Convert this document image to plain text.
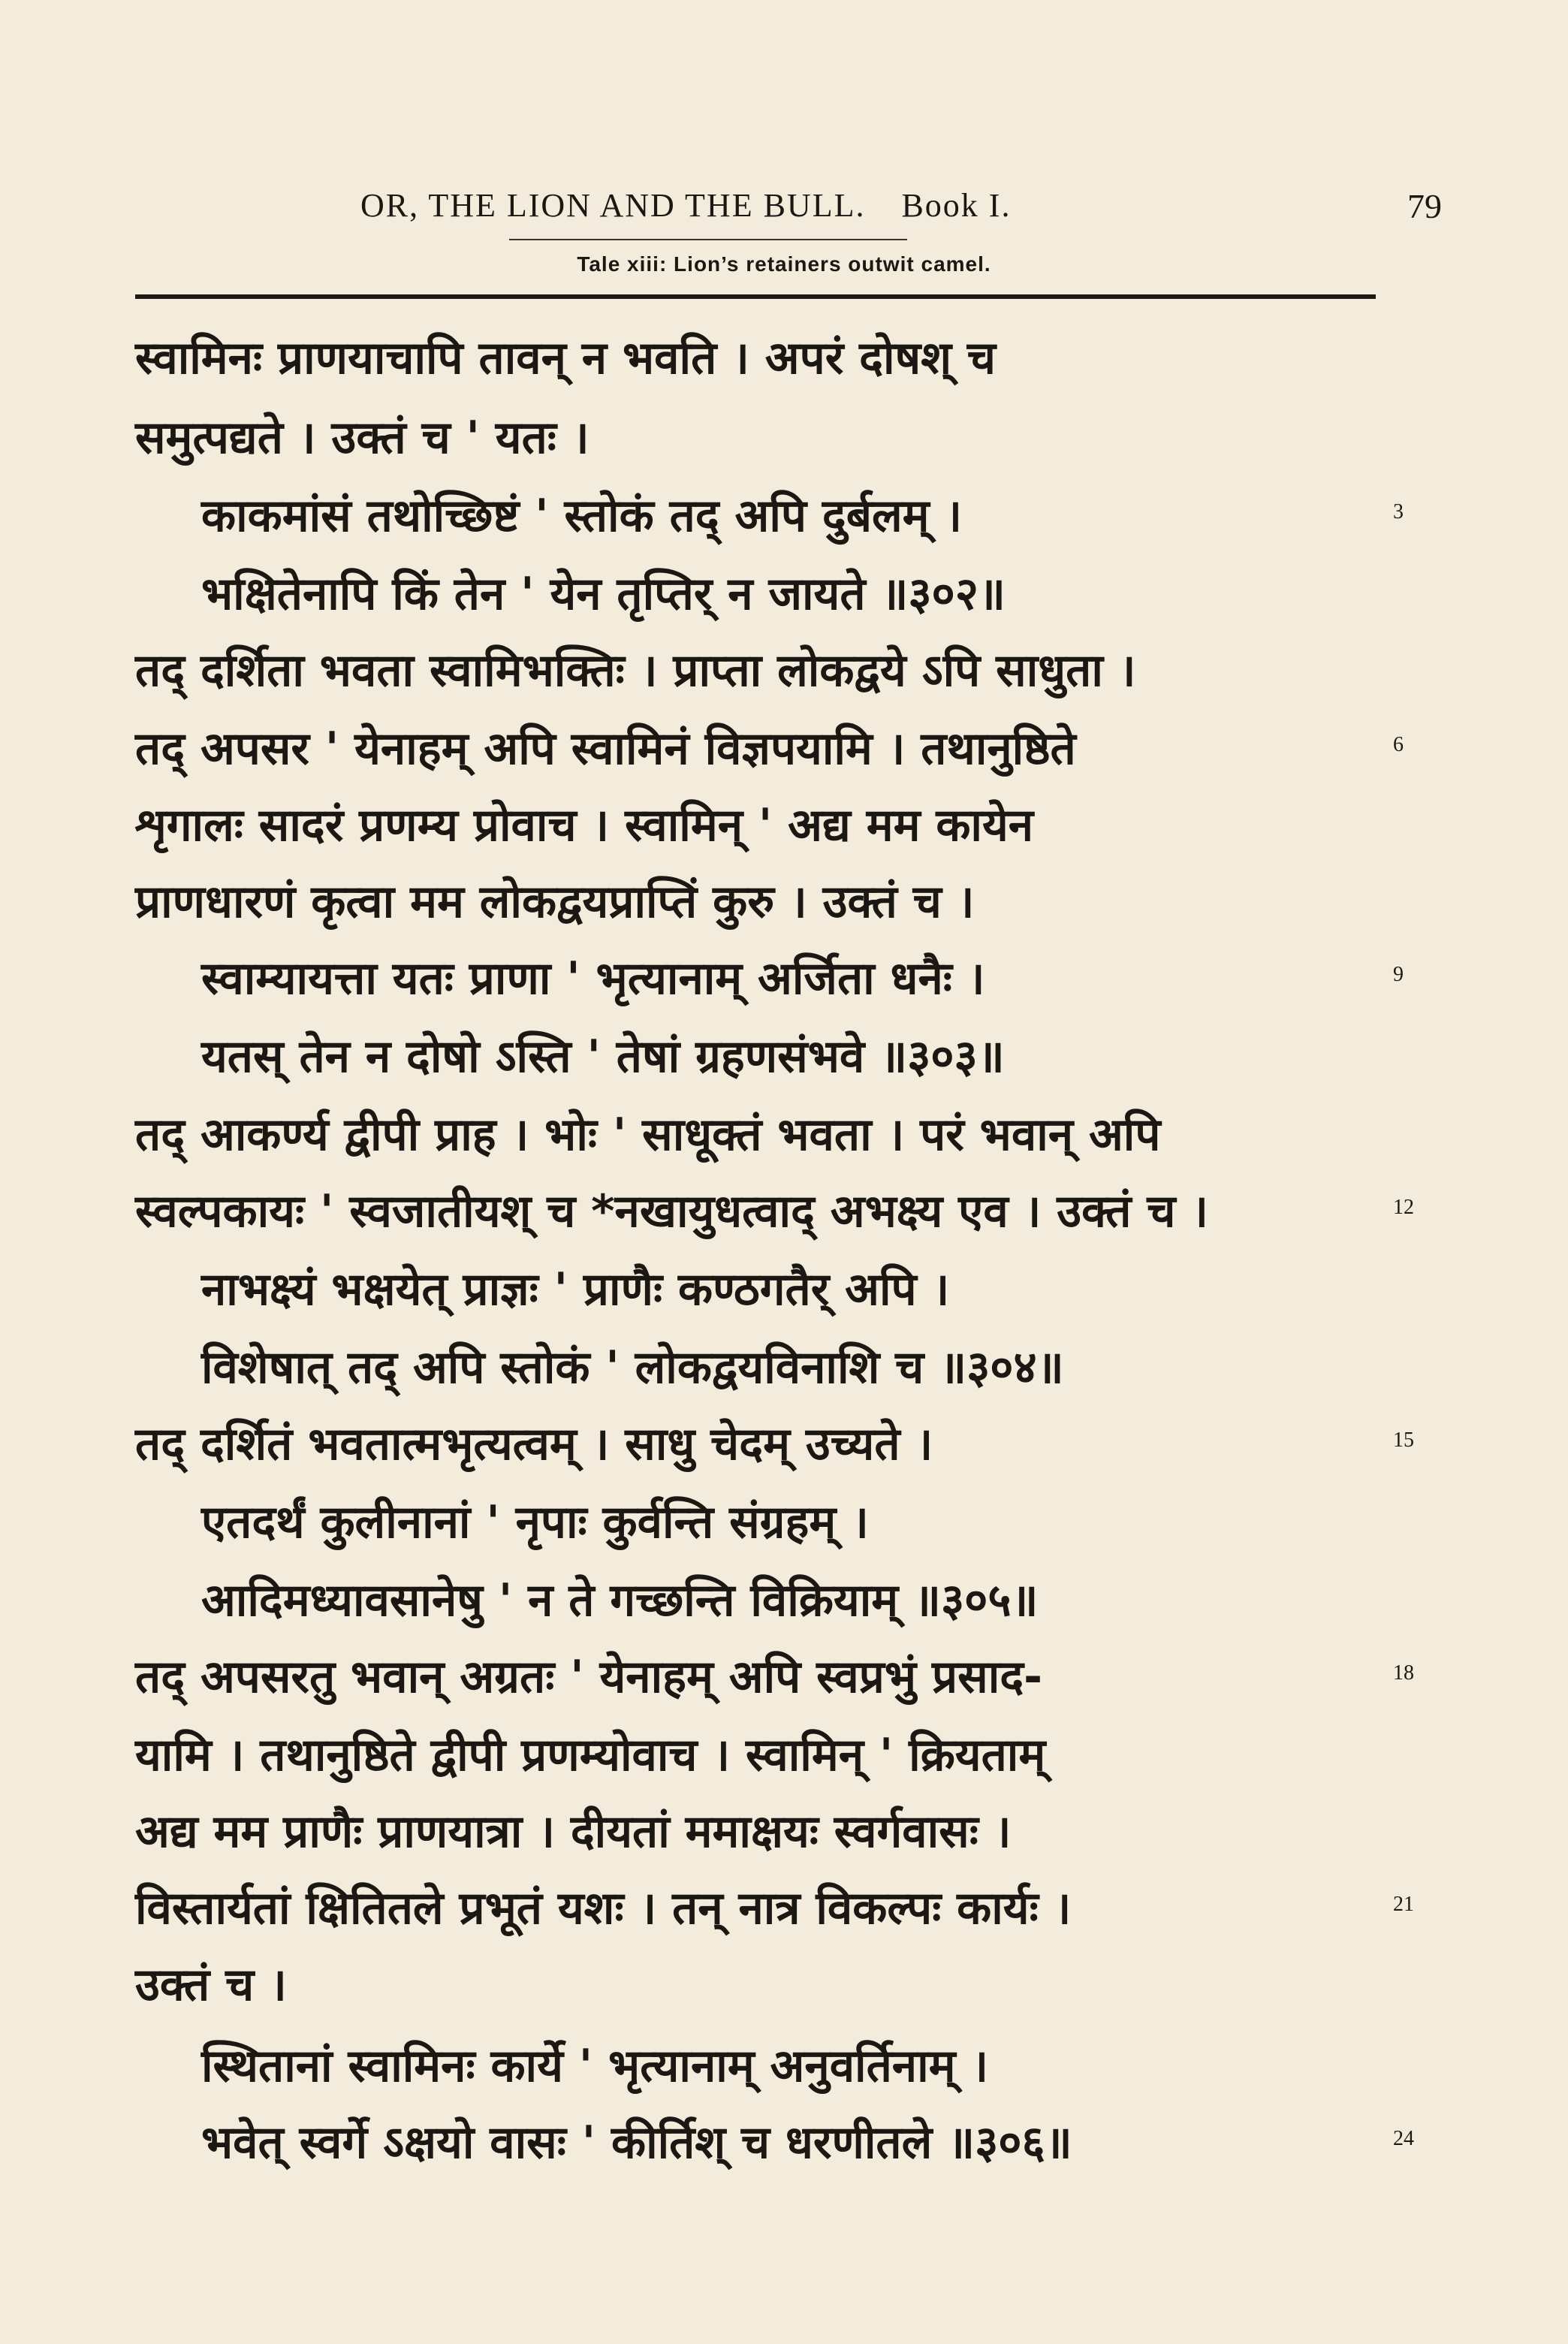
OR, THE LION AND THE BULL. Book I.	79
Tale xiii: Lion’s retainers outwit camel.
स्वामिनः प्राणयाचापि तावन् न भवति । अपरं दोषश् च
समुत्पद्यते । उक्तं च ' यतः ।
काकमांसं तथोच्छिष्टं ' स्तोकं तद् अपि दुर्बलम् ।
भक्षितेनापि किं तेन ' येन तृप्तिर् न जायते ॥३०२॥
तद् दर्शिता भवता स्वामिभक्तिः । प्राप्ता लोकद्वये ऽपि साधुता ।
तद् अपसर ' येनाहम् अपि स्वामिनं विज्ञपयामि । तथानुष्ठिते
शृगालः सादरं प्रणम्य प्रोवाच । स्वामिन् ' अद्य मम कायेन
प्राणधारणं कृत्वा मम लोकद्वयप्राप्तिं कुरु । उक्तं च ।
स्वाम्यायत्ता यतः प्राणा ' भृत्यानाम् अर्जिता धनैः ।
यतस् तेन न दोषो ऽस्ति ' तेषां ग्रहणसंभवे ॥३०३॥
तद् आकर्ण्य द्वीपी प्राह । भोः ' साधूक्तं भवता । परं भवान् अपि
स्वल्पकायः ' स्वजातीयश् च *नखायुधत्वाद् अभक्ष्य एव । उक्तं च ।
नाभक्ष्यं भक्षयेत् प्राज्ञः ' प्राणैः कण्ठगतैर् अपि ।
विशेषात् तद् अपि स्तोकं ' लोकद्वयविनाशि च ॥३०४॥
तद् दर्शितं भवतात्मभृत्यत्वम् । साधु चेदम् उच्यते ।
एतदर्थं कुलीनानां ' नृपाः कुर्वन्ति संग्रहम् ।
आदिमध्यावसानेषु ' न ते गच्छन्ति विक्रियाम् ॥३०५॥
तद् अपसरतु भवान् अग्रतः ' येनाहम् अपि स्वप्रभुं प्रसाद-
यामि । तथानुष्ठिते द्वीपी प्रणम्योवाच । स्वामिन् ' क्रियताम्
अद्य मम प्राणैः प्राणयात्रा । दीयतां ममाक्षयः स्वर्गवासः ।
विस्तार्यतां क्षितितले प्रभूतं यशः । तन् नात्र विकल्पः कार्यः ।
उक्तं च ।
स्थितानां स्वामिनः कार्ये ' भृत्यानाम् अनुवर्तिनाम् ।
भवेत् स्वर्गे ऽक्षयो वासः ' कीर्तिश् च धरणीतले ॥३०६॥
3
6
9
12
15
18
21
24
